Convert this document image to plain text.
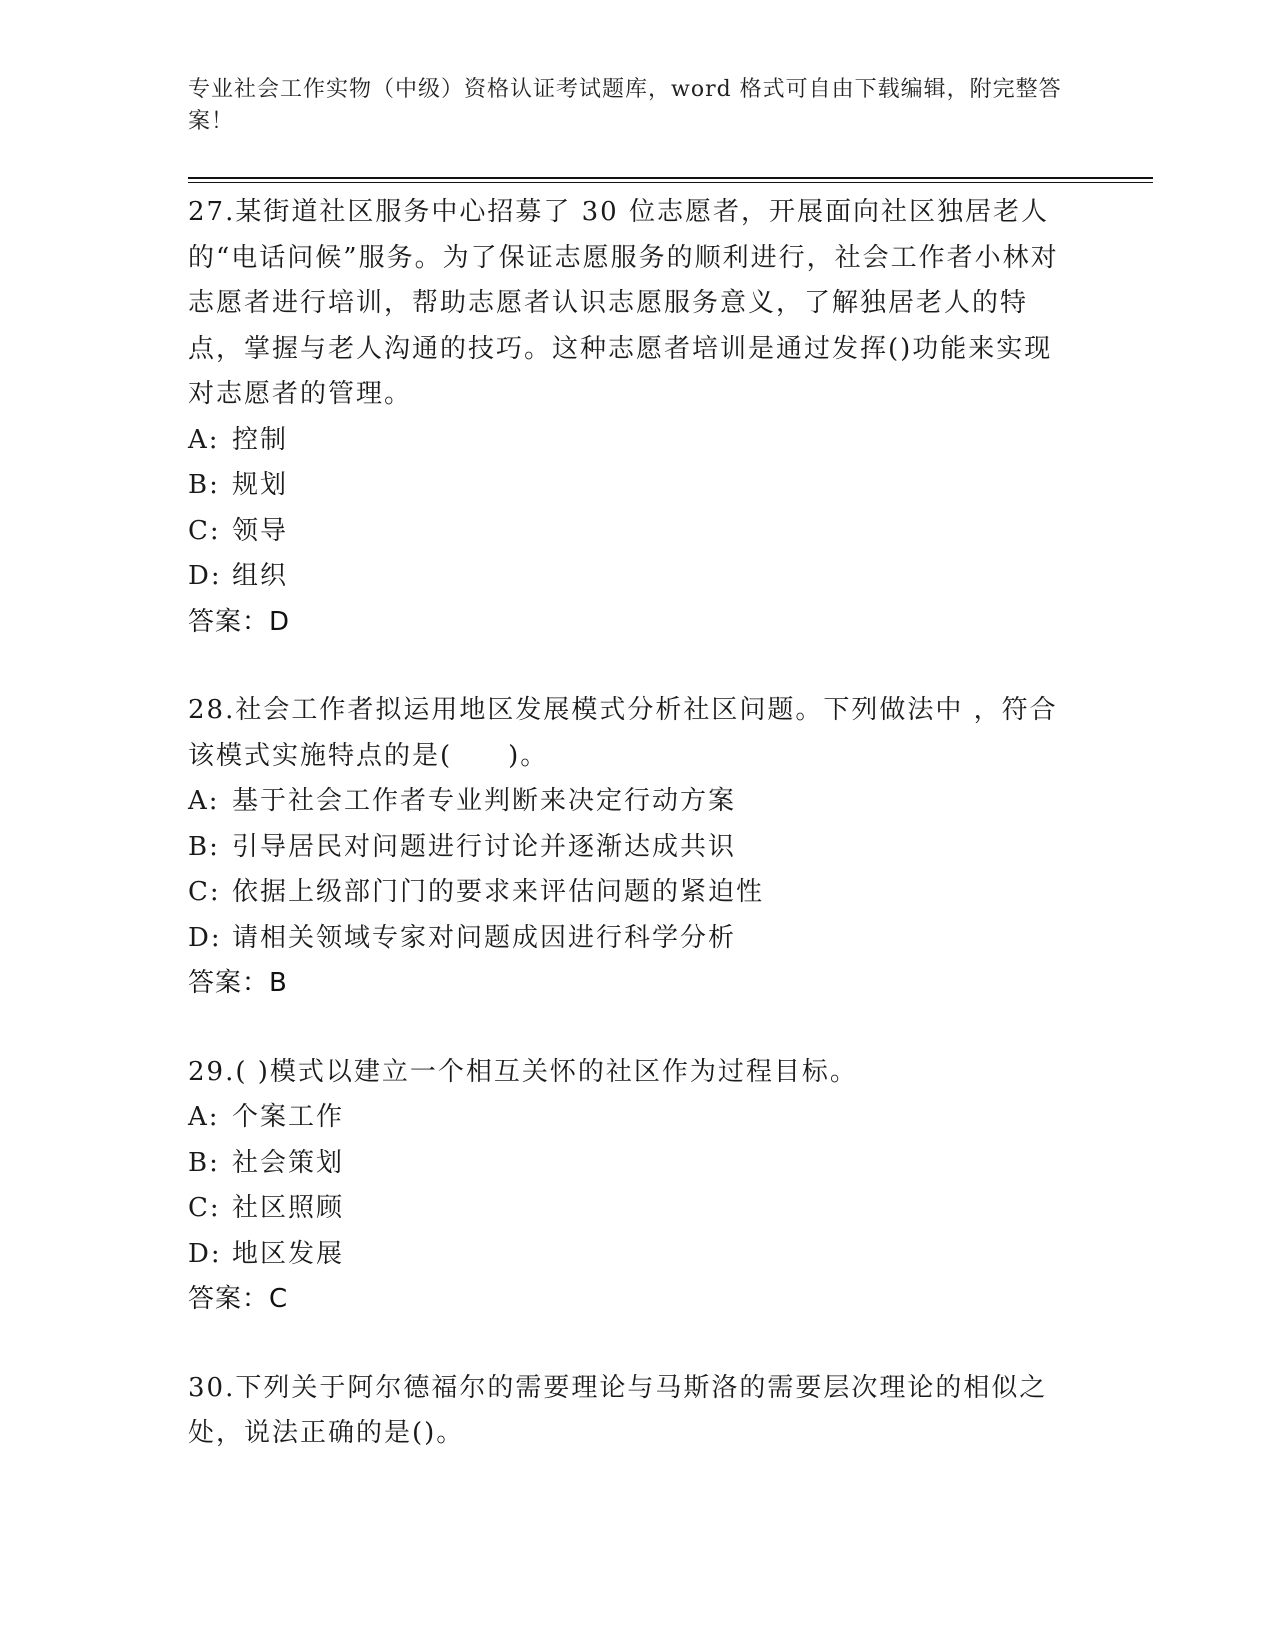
专业社会工作实物（中级）资格认证考试题库，word 格式可自由下载编辑，附完整答案！

27.某街道社区服务中心招募了 30 位志愿者，开展面向社区独居老人的“电话问候”服务。为了保证志愿服务的顺利进行，社会工作者小林对志愿者进行培训，帮助志愿者认识志愿服务意义，了解独居老人的特点，掌握与老人沟通的技巧。这种志愿者培训是通过发挥()功能来实现对志愿者的管理。

A: 控制

B: 规划

C: 领导

D: 组织

答案：D

28.社会工作者拟运用地区发展模式分析社区问题。下列做法中 ，符合该模式实施特点的是(　　)。

A: 基于社会工作者专业判断来决定行动方案

B: 引导居民对问题进行讨论并逐渐达成共识

C: 依据上级部门门的要求来评估问题的紧迫性

D: 请相关领域专家对问题成因进行科学分析

答案：B

29.( )模式以建立一个相互关怀的社区作为过程目标。

A: 个案工作

B: 社会策划

C: 社区照顾

D: 地区发展

答案：C

30.下列关于阿尔德福尔的需要理论与马斯洛的需要层次理论的相似之处，说法正确的是()。
